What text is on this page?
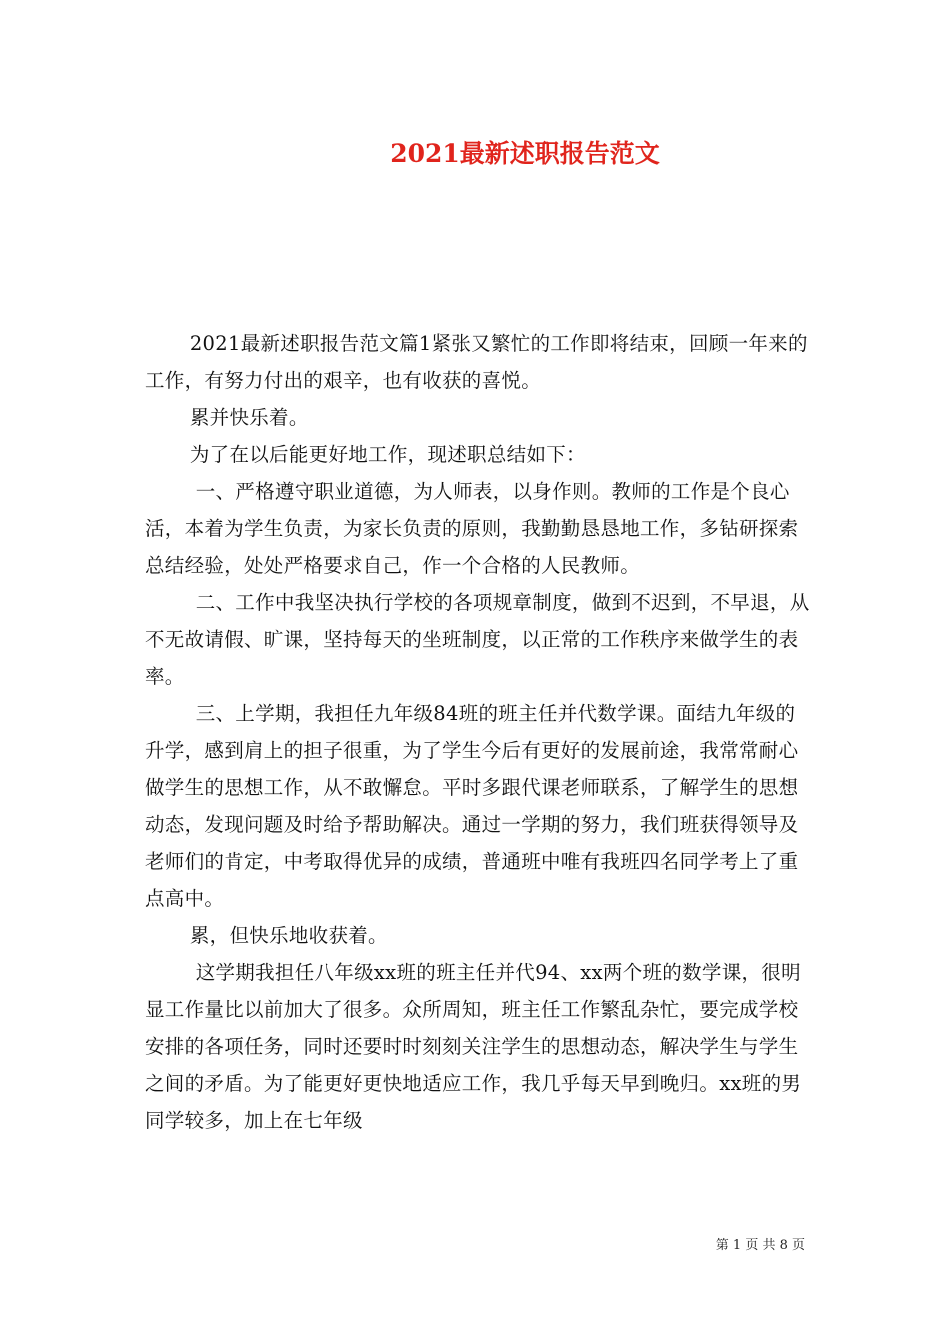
2021最新述职报告范文

2021最新述职报告范文篇1紧张又繁忙的工作即将结束，回顾一年来的工作，有努力付出的艰辛，也有收获的喜悦。

累并快乐着。

为了在以后能更好地工作，现述职总结如下：

一、严格遵守职业道德，为人师表，以身作则。教师的工作是个良心活，本着为学生负责，为家长负责的原则，我勤勤恳恳地工作，多钻研探索总结经验，处处严格要求自己，作一个合格的人民教师。

二、工作中我坚决执行学校的各项规章制度，做到不迟到，不早退，从不无故请假、旷课，坚持每天的坐班制度，以正常的工作秩序来做学生的表率。

三、上学期，我担任九年级84班的班主任并代数学课。面结九年级的升学，感到肩上的担子很重，为了学生今后有更好的发展前途，我常常耐心做学生的思想工作，从不敢懈怠。平时多跟代课老师联系，了解学生的思想动态，发现问题及时给予帮助解决。通过一学期的努力，我们班获得领导及老师们的肯定，中考取得优异的成绩，普通班中唯有我班四名同学考上了重点高中。

累，但快乐地收获着。

这学期我担任八年级xx班的班主任并代94、xx两个班的数学课，很明显工作量比以前加大了很多。众所周知，班主任工作繁乱杂忙，要完成学校安排的各项任务，同时还要时时刻刻关注学生的思想动态，解决学生与学生之间的矛盾。为了能更好更快地适应工作，我几乎每天早到晚归。xx班的男同学较多，加上在七年级

第 1 页 共 8 页
